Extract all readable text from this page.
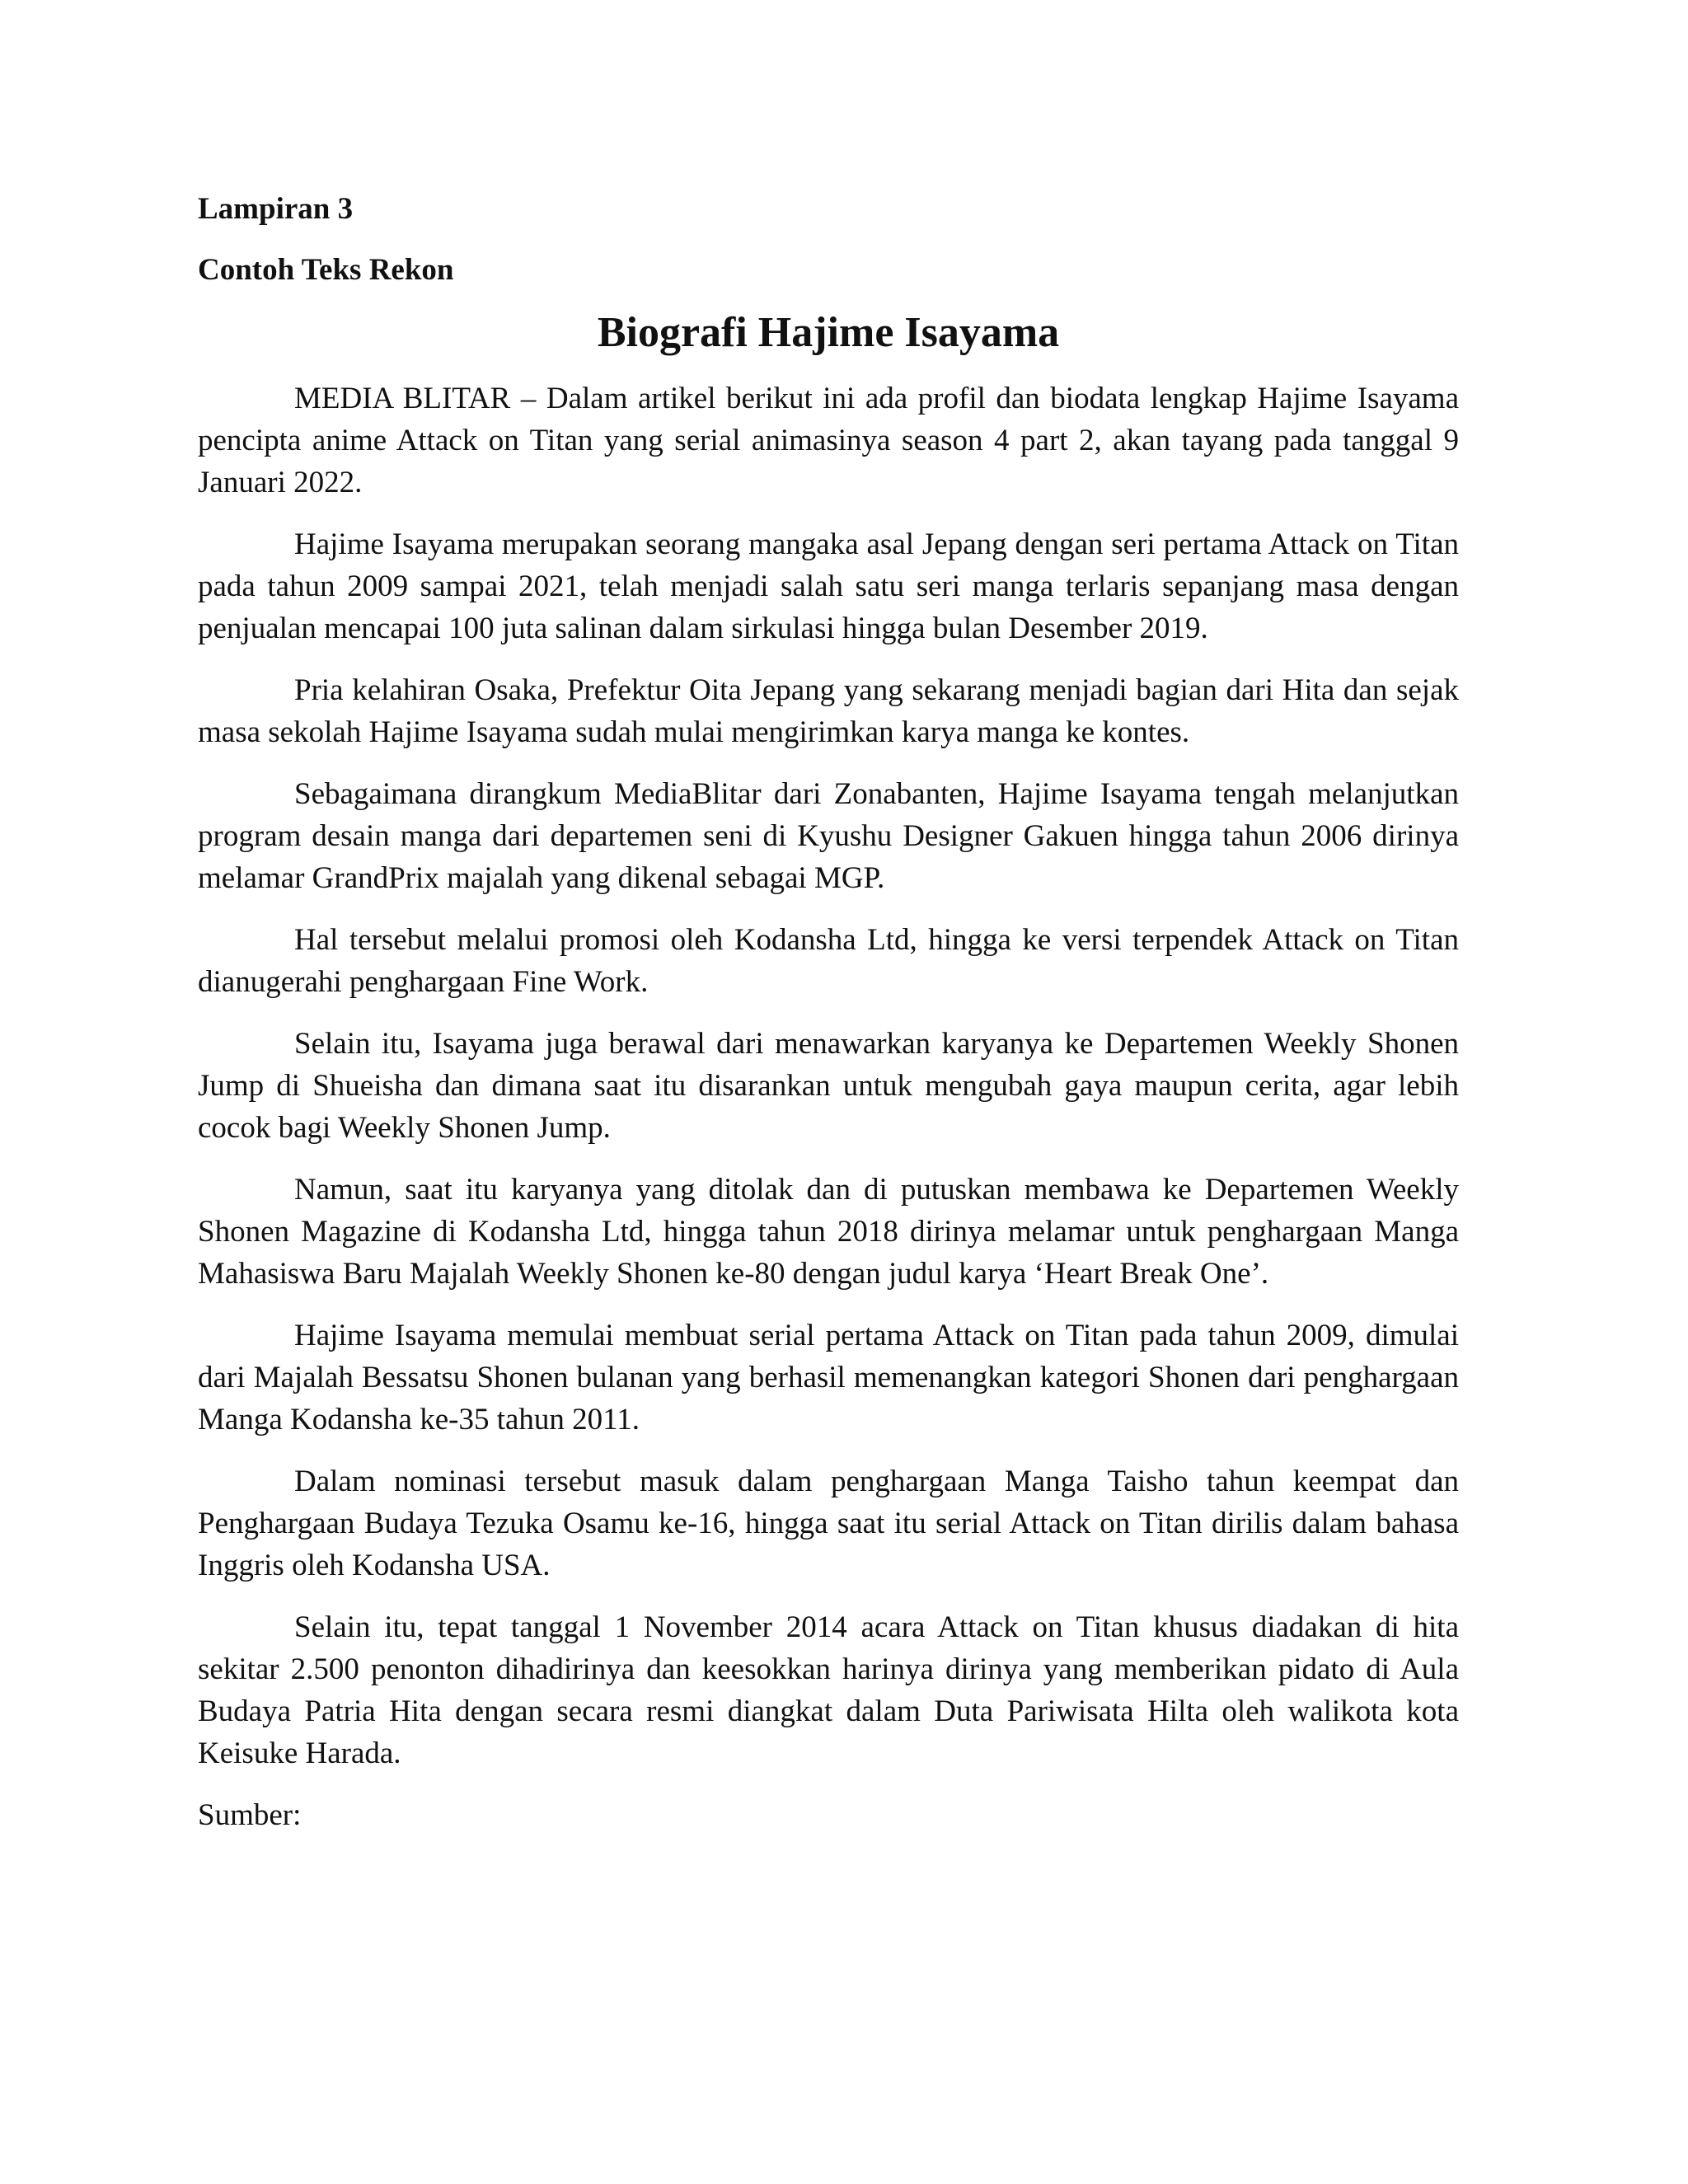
Lampiran 3

Contoh Teks Rekon

Biografi Hajime Isayama

MEDIA BLITAR – Dalam artikel berikut ini ada profil dan biodata lengkap Hajime Isayama pencipta anime Attack on Titan yang serial animasinya season 4 part 2, akan tayang pada tanggal 9 Januari 2022.

Hajime Isayama merupakan seorang mangaka asal Jepang dengan seri pertama Attack on Titan pada tahun 2009 sampai 2021, telah menjadi salah satu seri manga terlaris sepanjang masa dengan penjualan mencapai 100 juta salinan dalam sirkulasi hingga bulan Desember 2019.

Pria kelahiran Osaka, Prefektur Oita Jepang yang sekarang menjadi bagian dari Hita dan sejak masa sekolah Hajime Isayama sudah mulai mengirimkan karya manga ke kontes.

Sebagaimana dirangkum MediaBlitar dari Zonabanten, Hajime Isayama tengah melanjutkan program desain manga dari departemen seni di Kyushu Designer Gakuen hingga tahun 2006 dirinya melamar GrandPrix majalah yang dikenal sebagai MGP.

Hal tersebut melalui promosi oleh Kodansha Ltd, hingga ke versi terpendek Attack on Titan dianugerahi penghargaan Fine Work.

Selain itu, Isayama juga berawal dari menawarkan karyanya ke Departemen Weekly Shonen Jump di Shueisha dan dimana saat itu disarankan untuk mengubah gaya maupun cerita, agar lebih cocok bagi Weekly Shonen Jump.

Namun, saat itu karyanya yang ditolak dan di putuskan membawa ke Departemen Weekly Shonen Magazine di Kodansha Ltd, hingga tahun 2018 dirinya melamar untuk penghargaan Manga Mahasiswa Baru Majalah Weekly Shonen ke-80 dengan judul karya ‘Heart Break One’.

Hajime Isayama memulai membuat serial pertama Attack on Titan pada tahun 2009, dimulai dari Majalah Bessatsu Shonen bulanan yang berhasil memenangkan kategori Shonen dari penghargaan Manga Kodansha ke-35 tahun 2011.

Dalam nominasi tersebut masuk dalam penghargaan Manga Taisho tahun keempat dan Penghargaan Budaya Tezuka Osamu ke-16, hingga saat itu serial Attack on Titan dirilis dalam bahasa Inggris oleh Kodansha USA.

Selain itu, tepat tanggal 1 November 2014 acara Attack on Titan khusus diadakan di hita sekitar 2.500 penonton dihadirinya dan keesokkan harinya dirinya yang memberikan pidato di Aula Budaya Patria Hita dengan secara resmi diangkat dalam Duta Pariwisata Hilta oleh walikota kota Keisuke Harada.

Sumber:
